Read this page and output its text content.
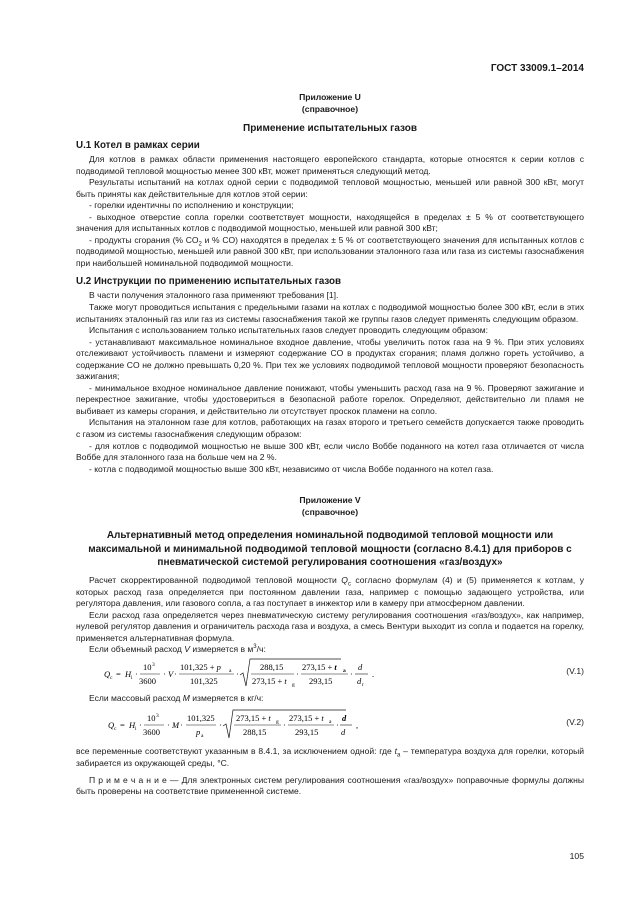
ГОСТ 33009.1–2014
Приложение U
(справочное)
Применение испытательных газов
U.1 Котел в рамках серии

Для котлов в рамках области применения настоящего европейского стандарта, которые относятся к серии котлов с подводимой тепловой мощностью менее 300 кВт, может применяться следующий метод.

Результаты испытаний на котлах одной серии с подводимой тепловой мощностью, меньшей или равной 300 кВт, могут быть приняты как действительные для котлов этой серии:

- горелки идентичны по исполнению и конструкции;

- выходное отверстие сопла горелки соответствует мощности, находящейся в пределах ± 5 % от соответствующего значения для испытанных котлов с подводимой мощностью, меньшей или равной 300 кВт;

- продукты сгорания (% $CO_2$ и % CO) находятся в пределах ± 5 % от соответствующего значения для испытанных котлов с подводимой мощностью, меньшей или равной 300 кВт, при использовании эталонного газа или газа из системы газоснабжения при наибольшей номинальной подводимой мощности.

U.2 Инструкции по применению испытательных газов

В части получения эталонного газа применяют требования [1].

Также могут проводиться испытания с предельными газами на котлах с подводимой мощностью более 300 кВт, если в этих испытаниях эталонный газ или газ из системы газоснабжения такой же группы газов следует применять следующим образом.

Испытания с использованием только испытательных газов следует проводить следующим образом:

- устанавливают максимальное номинальное входное давление, чтобы увеличить поток газа на 9 %. При этих условиях отслеживают устойчивость пламени и измеряют содержание CO в продуктах сгорания; пламя должно гореть устойчиво, а содержание CO не должно превышать 0,20 %. При тех же условиях подводимой тепловой мощности проверяют безопасность зажигания;

- минимальное входное номинальное давление понижают, чтобы уменьшить расход газа на 9 %. Проверяют зажигание и перекрестное зажигание, чтобы удостовериться в безопасной работе горелок. Определяют, действительно ли пламя не выбивает из камеры сгорания, и действительно ли отсутствует проскок пламени на сопло.

Испытания на эталонном газе для котлов, работающих на газах второго и третьего семейств допускается также проводить с газом из системы газоснабжения следующим образом:

- для котлов с подводимой мощностью не выше 300 кВт, если число Воббе поданного на котел газа отличается от числа Воббе для эталонного газа на больше чем на 2 %.

- котла с подводимой мощностью выше 300 кВт, независимо от числа Воббе поданного на котел газа.

Приложение V
(справочное)
Альтернативный метод определения номинальной подводимой тепловой мощности или максимальной и минимальной подводимой тепловой мощности (согласно 8.4.1) для приборов с пневматической системой регулирования соотношения «газ/воздух»

Расчет скорректированной подводимой тепловой мощности $Q_c$ согласно формулам (4) и (5) применяется к котлам, у которых расход газа определяется при постоянном давлении газа, например с помощью задающего устройства, или регулятора давления, или газового сопла, а газ поступает в инжектор или в камеру при атмосферном давлении.

Если расход газа определяется через пневматическую систему регулирования соотношения «газ/воздух», как например, нулевой регулятор давления и ограничитель расхода газа и воздуха, а смесь Вентури выходит из сопла и подается на горелку, применяется альтернативная формула.

Если объемный расход V измеряется в $м^3/ч$:

Q c = H i ·
10 3
3600
· V ·
101,325 + p a
101,325
·
288,15
273,15 + t g
·
273,15 + t a
293,15
·
d
d r
.	(V.1)

Если массовый расход M измеряется в кг/ч:

Q c = H i ·
10 3
3600
· M ·
101,325
p a
·
273,15 + t g
288,15
·
273,15 + t a
293,15
·
d
d
,	(V.2)

все переменные соответствуют указанным в 8.4.1, за исключением одной: где $t_a$ – температура воздуха для горелки, который забирается из окружающей среды, °C.

П р и м е ч а н и е — Для электронных систем регулирования соотношения «газ/воздух» поправочные формулы должны быть проверены на соответствие примененной системе.

105
